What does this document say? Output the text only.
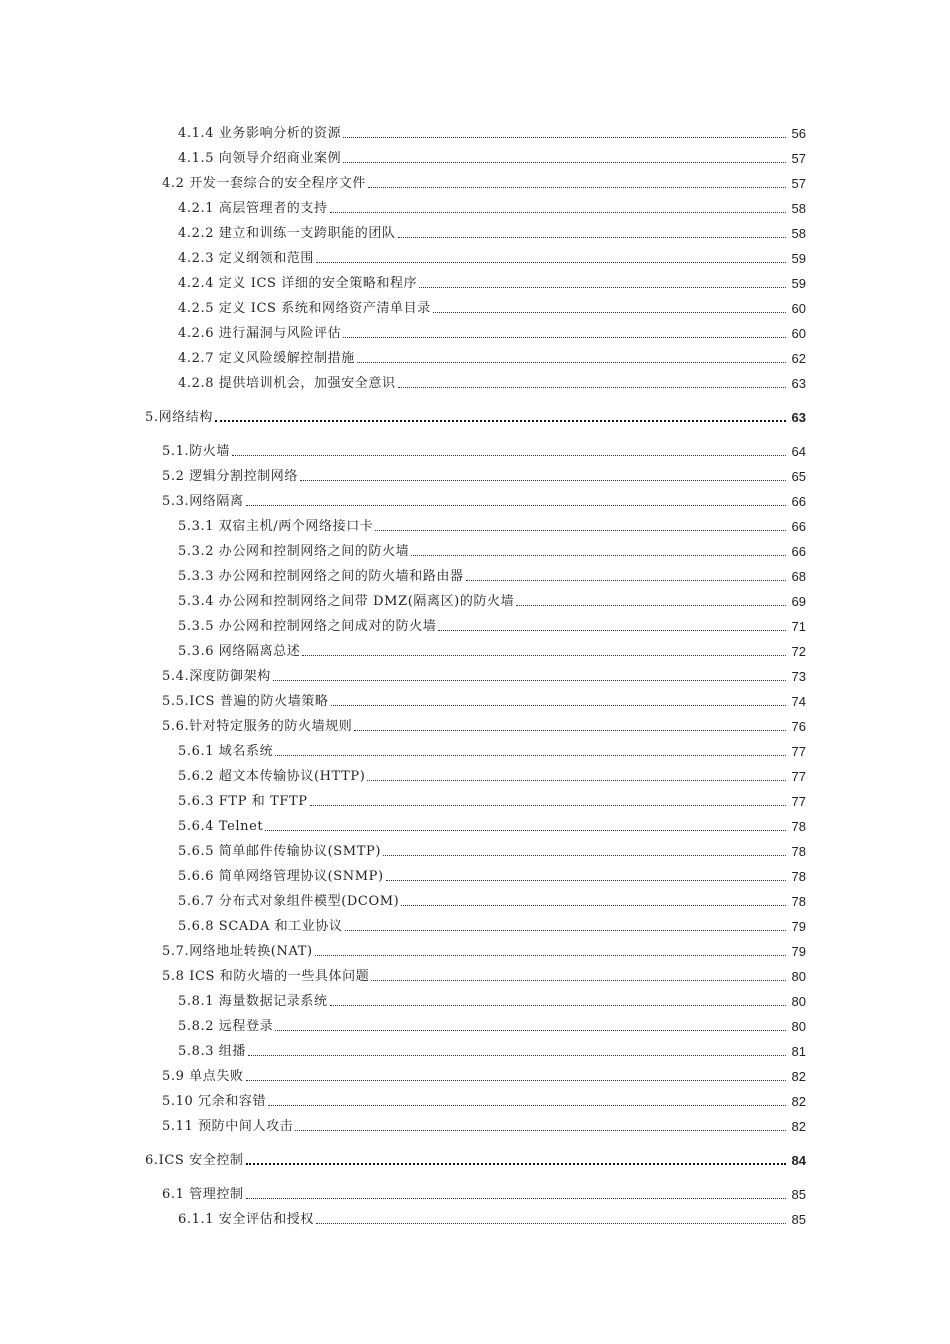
4.1.4 业务影响分析的资源	56
4.1.5 向领导介绍商业案例	57
4.2 开发一套综合的安全程序文件	57
4.2.1 高层管理者的支持	58
4.2.2 建立和训练一支跨职能的团队	58
4.2.3 定义纲领和范围	59
4.2.4 定义 ICS 详细的安全策略和程序	59
4.2.5 定义 ICS 系统和网络资产清单目录	60
4.2.6 进行漏洞与风险评估	60
4.2.7 定义风险缓解控制措施	62
4.2.8 提供培训机会，加强安全意识	63
5.网络结构	63
5.1.防火墙	64
5.2 逻辑分割控制网络	65
5.3.网络隔离	66
5.3.1 双宿主机/两个网络接口卡	66
5.3.2 办公网和控制网络之间的防火墙	66
5.3.3 办公网和控制网络之间的防火墙和路由器	68
5.3.4 办公网和控制网络之间带 DMZ(隔离区)的防火墙	69
5.3.5 办公网和控制网络之间成对的防火墙	71
5.3.6 网络隔离总述	72
5.4.深度防御架构	73
5.5.ICS 普遍的防火墙策略	74
5.6.针对特定服务的防火墙规则	76
5.6.1 域名系统	77
5.6.2 超文本传输协议(HTTP)	77
5.6.3 FTP 和 TFTP	77
5.6.4 Telnet	78
5.6.5 简单邮件传输协议(SMTP)	78
5.6.6 简单网络管理协议(SNMP)	78
5.6.7 分布式对象组件模型(DCOM)	78
5.6.8 SCADA 和工业协议	79
5.7.网络地址转换(NAT)	79
5.8 ICS 和防火墙的一些具体问题	80
5.8.1 海量数据记录系统	80
5.8.2 远程登录	80
5.8.3 组播	81
5.9 单点失败	82
5.10 冗余和容错	82
5.11 预防中间人攻击	82
6.ICS 安全控制	84
6.1 管理控制	85
6.1.1 安全评估和授权	85
